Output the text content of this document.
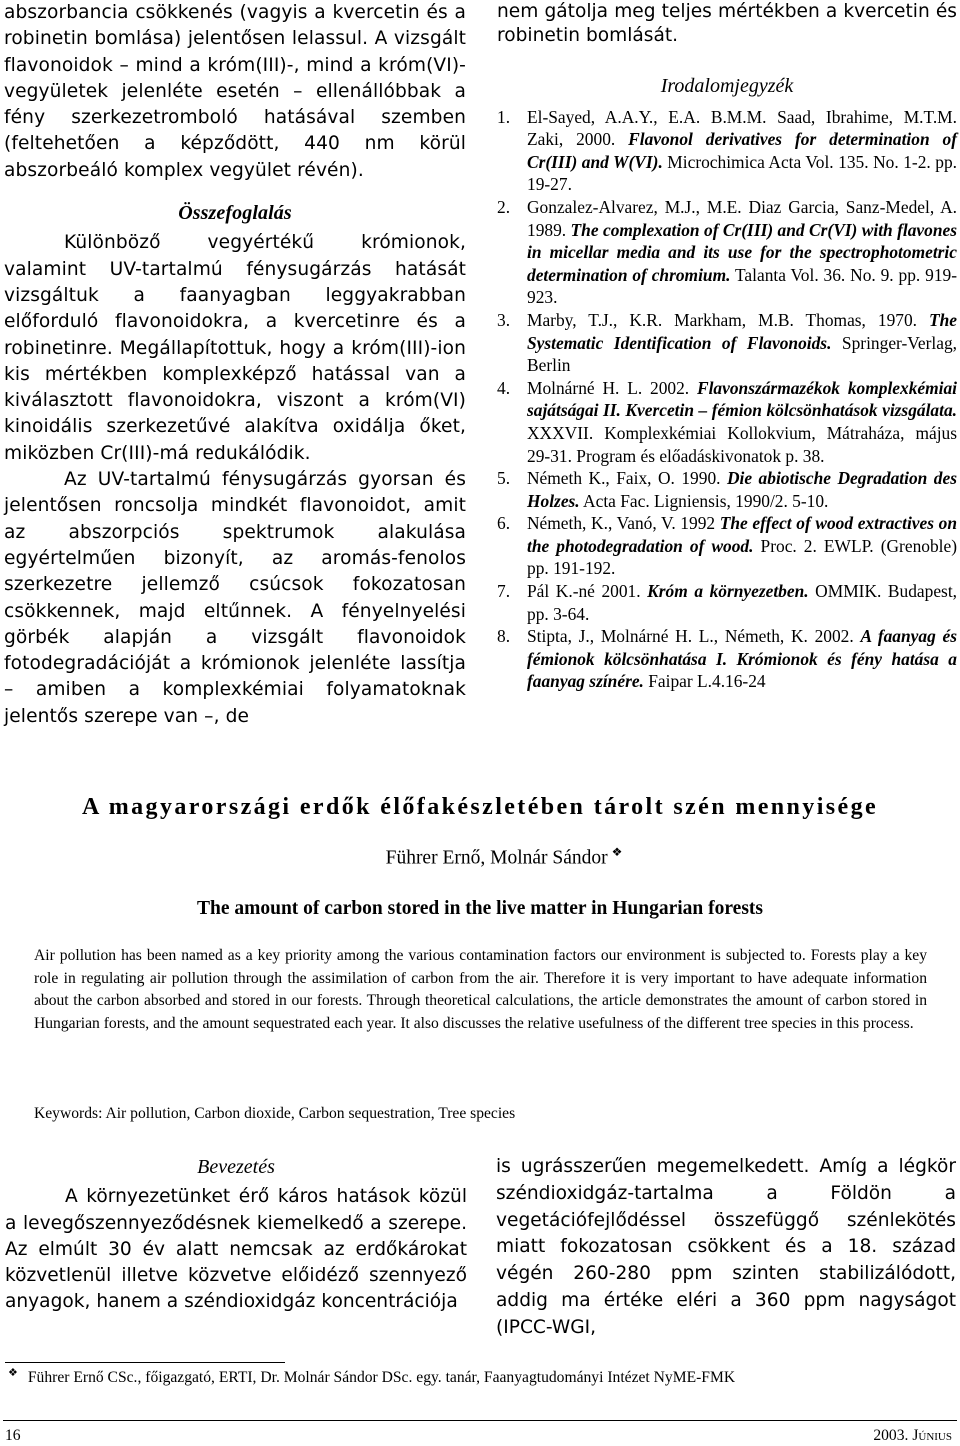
abszorbancia csökkenés (vagyis a kvercetin és a robinetin bomlása) jelentősen lelassul. A vizsgált flavonoidok – mind a króm(III)-, mind a króm(VI)-vegyületek jelenléte esetén – ellenállóbbak a fény szerkezetromboló hatásával szemben (feltehetően a képződött, 440 nm körül abszorbeáló komplex vegyület révén).

Összefoglalás

Különböző vegyértékű krómionok, valamint UV-tartalmú fénysugárzás hatását vizsgáltuk a faanyagban leggyakrabban előforduló flavonoidokra, a kvercetinre és a robinetinre. Megállapítottuk, hogy a króm(III)-ion kis mértékben komplexképző hatással van a kiválasztott flavonoidokra, viszont a króm(VI) kinoidális szerkezetűvé alakítva oxidálja őket, miközben Cr(III)-má redukálódik.

Az UV-tartalmú fénysugárzás gyorsan és jelentősen roncsolja mindkét flavonoidot, amit az abszorpciós spektrumok alakulása egyértelműen bizonyít, az aromás-fenolos szerkezetre jellemző csúcsok fokozatosan csökkennek, majd eltűnnek. A fényelnyelési görbék alapján a vizsgált flavonoidok fotodegradációját a krómionok jelenléte lassítja – amiben a komplexkémiai folyamatoknak jelentős szerepe van –, de

nem gátolja meg teljes mértékben a kvercetin és robinetin bomlását.

Irodalomjegyzék

1. El-Sayed, A.A.Y., E.A. B.M.M. Saad, Ibrahime, M.T.M. Zaki, 2000. Flavonol derivatives for determination of Cr(III) and W(VI). Microchimica Acta Vol. 135. No. 1-2. pp. 19-27.
2. Gonzalez-Alvarez, M.J., M.E. Diaz Garcia, Sanz-Medel, A. 1989. The complexation of Cr(III) and Cr(VI) with flavones in micellar media and its use for the spectrophotometric determination of chromium. Talanta Vol. 36. No. 9. pp. 919-923.
3. Marby, T.J., K.R. Markham, M.B. Thomas, 1970. The Systematic Identification of Flavonoids. Springer-Verlag, Berlin
4. Molnárné H. L. 2002. Flavonszármazékok komplexkémiai sajátságai II. Kvercetin – fémion kölcsönhatások vizsgálata. XXXVII. Komplexkémiai Kollokvium, Mátraháza, május 29-31. Program és előadáskivonatok p. 38.
5. Németh K., Faix, O. 1990. Die abiotische Degradation des Holzes. Acta Fac. Ligniensis, 1990/2. 5-10.
6. Németh, K., Vanó, V. 1992 The effect of wood extractives on the photodegradation of wood. Proc. 2. EWLP. (Grenoble) pp. 191-192.
7. Pál K.-né 2001. Króm a környezetben. OMMIK. Budapest, pp. 3-64.
8. Stipta, J., Molnárné H. L., Németh, K. 2002. A faanyag és fémionok kölcsönhatása I. Krómionok és fény hatása a faanyag színére. Faipar L.4.16-24
A magyarországi erdők élőfakészletében tárolt szén mennyisége
Führer Ernő, Molnár Sándor ❖
The amount of carbon stored in the live matter in Hungarian forests
Air pollution has been named as a key priority among the various contamination factors our environment is subjected to. Forests play a key role in regulating air pollution through the assimilation of carbon from the air. Therefore it is very important to have adequate information about the carbon absorbed and stored in our forests. Through theoretical calculations, the article demonstrates the amount of carbon stored in Hungarian forests, and the amount sequestrated each year. It also discusses the relative usefulness of the different tree species in this process.
Keywords: Air pollution, Carbon dioxide, Carbon sequestration, Tree species

Bevezetés

A környezetünket érő káros hatások közül a levegőszennyeződésnek kiemelkedő a szerepe. Az elmúlt 30 év alatt nemcsak az erdőkárokat közvetlenül illetve közvetve előidéző szennyező anyagok, hanem a széndioxidgáz koncentrációja

is ugrásszerűen megemelkedett. Amíg a légkör széndioxidgáz-tartalma a Földön a vegetációfejlődéssel összefüggő szénlekötés miatt fokozatosan csökkent és a 18. század végén 260-280 ppm szinten stabilizálódott, addig ma értéke eléri a 360 ppm nagyságot (IPCC-WGI,

❖ Führer Ernő CSc., főigazgató, ERTI, Dr. Molnár Sándor DSc. egy. tanár, Faanyagtudományi Intézet NyME-FMK
16	2003. Június
